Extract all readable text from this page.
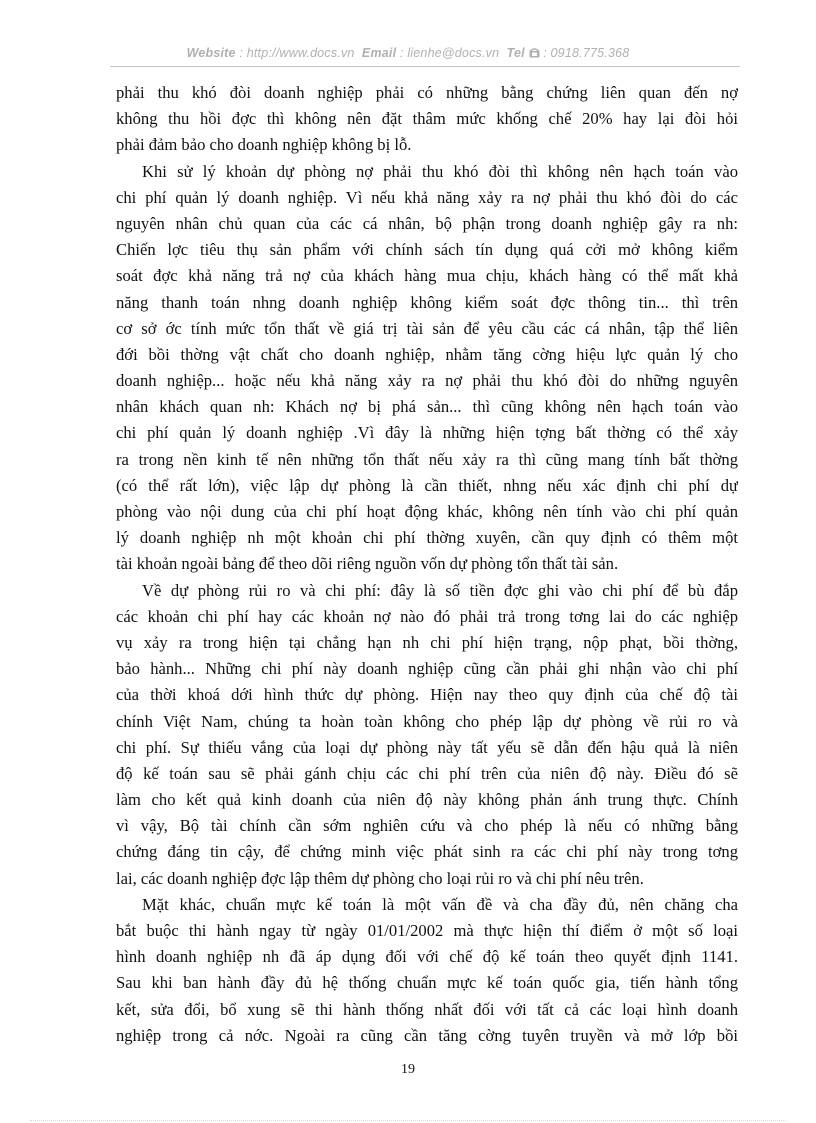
Website : http://www.docs.vn Email : lienhe@docs.vn Tel : 0918.775.368
phải thu khó đòi doanh nghiệp phải có những bằng chứng liên quan đến nợ
không thu hồi đợc thì không nên đặt thâm mức khống chế 20% hay lại đòi hỏi
phải đảm bảo cho doanh nghiệp không bị lỗ.
Khi sử lý khoản dự phòng nợ phải thu khó đòi thì không nên hạch toán vào
chi phí quản lý doanh nghiệp. Vì nếu khả năng xảy ra nợ phải thu khó đòi do các
nguyên nhân chủ quan của các cá nhân, bộ phận trong doanh nghiệp gây ra nh:
Chiến lợc tiêu thụ sản phẩm với chính sách tín dụng quá cởi mở không kiểm
soát đợc khả năng trả nợ của khách hàng mua chịu, khách hàng có thể mất khả
năng thanh toán nhng doanh nghiệp không kiểm soát đợc thông tin... thì trên
cơ sở ớc tính mức tổn thất về giá trị tài sản để yêu cầu các cá nhân, tập thể liên
đới bồi thờng vật chất cho doanh nghiệp, nhằm tăng cờng hiệu lực quản lý cho
doanh nghiệp... hoặc nếu khả năng xảy ra nợ phải thu khó đòi do những nguyên
nhân khách quan nh: Khách nợ bị phá sản... thì cũng không nên hạch toán vào
chi phí quản lý doanh nghiệp .Vì đây là những hiện tợng bất thờng có thể xảy
ra trong nền kinh tế nên những tổn thất nếu xảy ra thì cũng mang tính bất thờng
(có thể rất lớn), việc lập dự phòng là cần thiết, nhng nếu xác định chi phí dự
phòng vào nội dung của chi phí hoạt động khác, không nên tính vào chi phí quản
lý doanh nghiệp nh một khoản chi phí thờng xuyên, cần quy định có thêm một
tài khoản ngoài bảng để theo dõi riêng nguồn vốn dự phòng tổn thất tài sản.
Về dự phòng rủi ro và chi phí: đây là số tiền đợc ghi vào chi phí để bù đắp
các khoản chi phí hay các khoản nợ nào đó phải trả trong tơng lai do các nghiệp
vụ xảy ra trong hiện tại chẳng hạn nh chi phí hiện trạng, nộp phạt, bồi thờng,
bảo hành... Những chi phí này doanh nghiệp cũng cần phải ghi nhận vào chi phí
của thời khoá dới hình thức dự phòng. Hiện nay theo quy định của chế độ tài
chính Việt Nam, chúng ta hoàn toàn không cho phép lập dự phòng về rủi ro và
chi phí. Sự thiếu vắng của loại dự phòng này tất yếu sẽ dẫn đến hậu quả là niên
độ kế toán sau sẽ phải gánh chịu các chi phí trên của niên độ này. Điều đó sẽ
làm cho kết quả kinh doanh của niên độ này không phản ánh trung thực. Chính
vì vậy, Bộ tài chính cần sớm nghiên cứu và cho phép là nếu có những bằng
chứng đáng tin cậy, để chứng minh việc phát sinh ra các chi phí này trong tơng
lai, các doanh nghiệp đợc lập thêm dự phòng cho loại rủi ro và chi phí nêu trên.
Mặt khác, chuẩn mực kế toán là một vấn đề và cha đầy đủ, nên chăng cha
bắt buộc thi hành ngay từ ngày 01/01/2002 mà thực hiện thí điểm ở một số loại
hình doanh nghiệp nh đã áp dụng đối với chế độ kế toán theo quyết định 1141.
Sau khi ban hành đầy đủ hệ thống chuẩn mực kế toán quốc gia, tiến hành tổng
kết, sửa đổi, bổ xung sẽ thi hành thống nhất đối với tất cả các loại hình doanh
nghiệp trong cả nớc. Ngoài ra cũng cần tăng cờng tuyên truyền và mở lớp bồi
19
